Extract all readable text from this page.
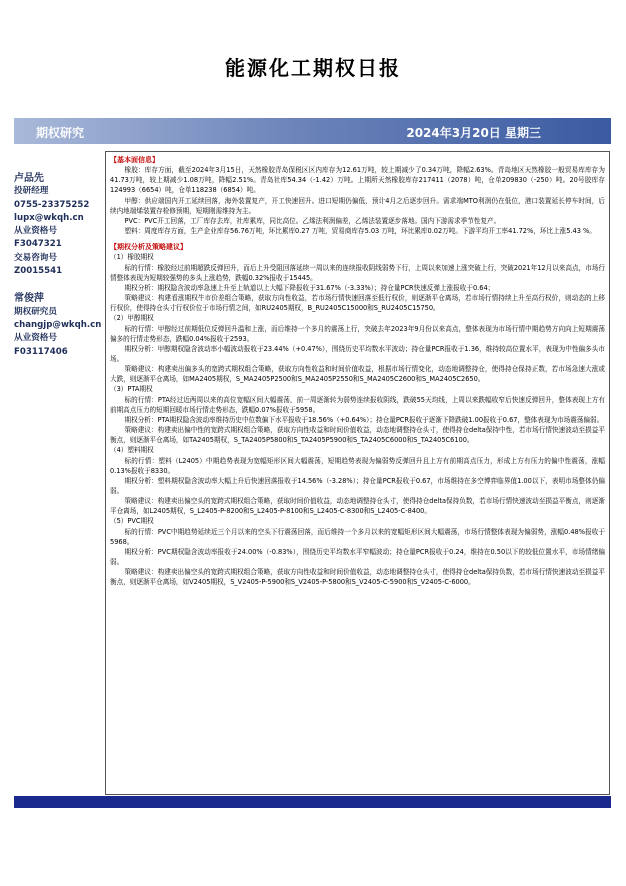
能源化工期权日报
期权研究	2024年3月20日 星期三
卢品先
投研经理
0755-23375252
lupx@wkqh.cn
从业资格号
F3047321
交易咨询号
Z0015541
常俊萍
期权研究员
changjp@wkqh.cn
从业资格号
F03117406

【基本面信息】

橡胶：库存方面，截至2024年3月15日，天然橡胶青岛保税区区内库存为12.61万吨，较上期减少了0.34万吨，降幅2.63%。青岛地区天然橡胶一般贸易库库存为41.73万吨，较上期减少1.08万吨，降幅2.51%。青岛社库54.34（-1.42）万吨。上期所天然橡胶库存217411（2078）吨，仓单209830（-250）吨。20号胶库存 124993（6654）吨，仓单118238（6854）吨。

甲醇：供应端国内开工延续回落，海外装置复产，开工快速回升。进口短期仍偏低，预计4月之后逐步回升。需求端MTO利润仍在低位，港口装置延长停车时间，后续内地端烯装置存检修预期，短期刚需维持为主。

PVC：PVC开工回落，工厂库存去库，社库累库，同比高位。乙烯法利润偏差，乙烯法装置逐步落地。国内下游需求季节性复产。

塑料：周度库存方面，生产企业库存56.76万吨，环比累库0.27 万吨，贸易商库存5.03 万吨，环比累库0.02万吨。下游平均开工率41.72%，环比上涨5.43 %。

【期权分析及策略建议】

（1）橡胶期权

标的行情：橡胶经过前期超跌反弹回升，而后上升受阻回落延续一周以来的连续报收阴线弱势下行，上周以来加速上涨突破上行，突破2021年12月以来高点，市场行情整体表现为短期较强势的多头上涨趋势，跌幅0.32%报收于15445。

期权分析：期权隐含波动率急速上升至上轨道以上大幅下降报收于31.67%（-3.33%）；持仓量PCR快速反弹上涨报收于0.64；

策略建议：构建看涨期权牛市价差组合策略，获取方向性收益，若市场行情快速回落至低行权价，则逐渐平仓离场，若市场行情持续上升至高行权价，则动态的上移行权价，使得持仓头寸行权价位于市场行情之间，如RU2405期权，B_RU2405C15000和S_RU2405C15750。

（2）甲醇期权

标的行情：甲醇经过前期低位反弹回升温和上涨，而后维持一个多月的震荡上行，突破去年2023年9月份以来高点，整体表现为市场行情中期趋势方向向上短期震荡偏多的行情走势形态，跌幅0.04%报收于2593。

期权分析：甲醇期权隐含波动率小幅波动报收于23.44%（+0.47%），围绕历史平均数水平波动；持仓量PCR报收于1.36，维持较高位置水平，表现为中性偏多头市场。

策略建议：构建卖出偏多头的宽跨式期权组合策略，获取方向性收益和时间价值收益，根据市场行情变化，动态地调整持仓，使得持仓保持正数，若市场急速大涨或大跌，则逐渐平仓离场，如MA2405期权，S_MA2405P2500和S_MA2405P2550和S_MA2405C2600和S_MA2405C2650。

（3）PTA期权

标的行情：PTA经过近两周以来的高位宽幅区间大幅震荡，前一周逐渐转为弱势连续报收阴线，跌破55天均线，上周以来跌幅收窄后快速反弹回升，整体表现上方有前期高点压力的短期回暖市场行情走势形态，跌幅0.07%报收于5958。

期权分析：PTA期权隐含波动率维持历史中位数偏下水平报收于18.56%（+0.64%）；持仓量PCR报收于逐渐下降跌破1.00报收于0.67，整体表现为市场震荡偏弱。

策略建议：构建卖出偏中性的宽跨式期权组合策略，获取方向性收益和时间价值收益，动态地调整持仓头寸，使得持仓delta保持中性，若市场行情快速波动至损益平衡点，则逐渐平仓离场，如TA2405期权，S_TA2405P5800和S_TA2405P5900和S_TA2405C6000和S_TA2405C6100。

（4）塑料期权

标的行情：塑料（L2405）中期趋势表现为宽幅矩形区间大幅震荡，短期趋势表现为偏弱势反弹回升且上方有前期高点压力，形成上方有压力的偏中性震荡，涨幅0.13%报收于8330。

期权分析：塑料期权隐含波动率大幅上升后快速回落报收于14.56%（-3.28%）；持仓量PCR报收于0.67，市场维持在多空博弈临界值1.00以下，表明市场整体仍偏弱。

策略建议：构建卖出偏空头的宽跨式期权组合策略，获取时间价值收益，动态地调整持仓头寸，使得持仓delta保持负数，若市场行情快速波动至损益平衡点，则逐渐平仓离场，如L2405期权，S_L2405-P-8200和S_L2405-P-8100和S_L2405-C-8300和S_L2405-C-8400。

（5）PVC期权

标的行情：PVC中期趋势延续近三个月以来的空头下行震荡回落，而后维持一个多月以来的宽幅矩形区间大幅震荡，市场行情整体表现为偏弱势，涨幅0.48%报收于5968。

期权分析：PVC期权隐含波动率报收于24.00%（-0.83%），围绕历史平均数水平窄幅波动；持仓量PCR报收于0.24，维持在0.50以下的较低位置水平，市场情绪偏弱。

策略建议：构建卖出偏空头的宽跨式期权组合策略，获取方向性收益和时间价值收益，动态地调整持仓头寸，使得持仓delta保持负数，若市场行情快速波动至损益平衡点，则逐渐平仓离场，如V2405期权，S_V2405-P-5900和S_V2405-P-5800和S_V2405-C-5900和S_V2405-C-6000。
